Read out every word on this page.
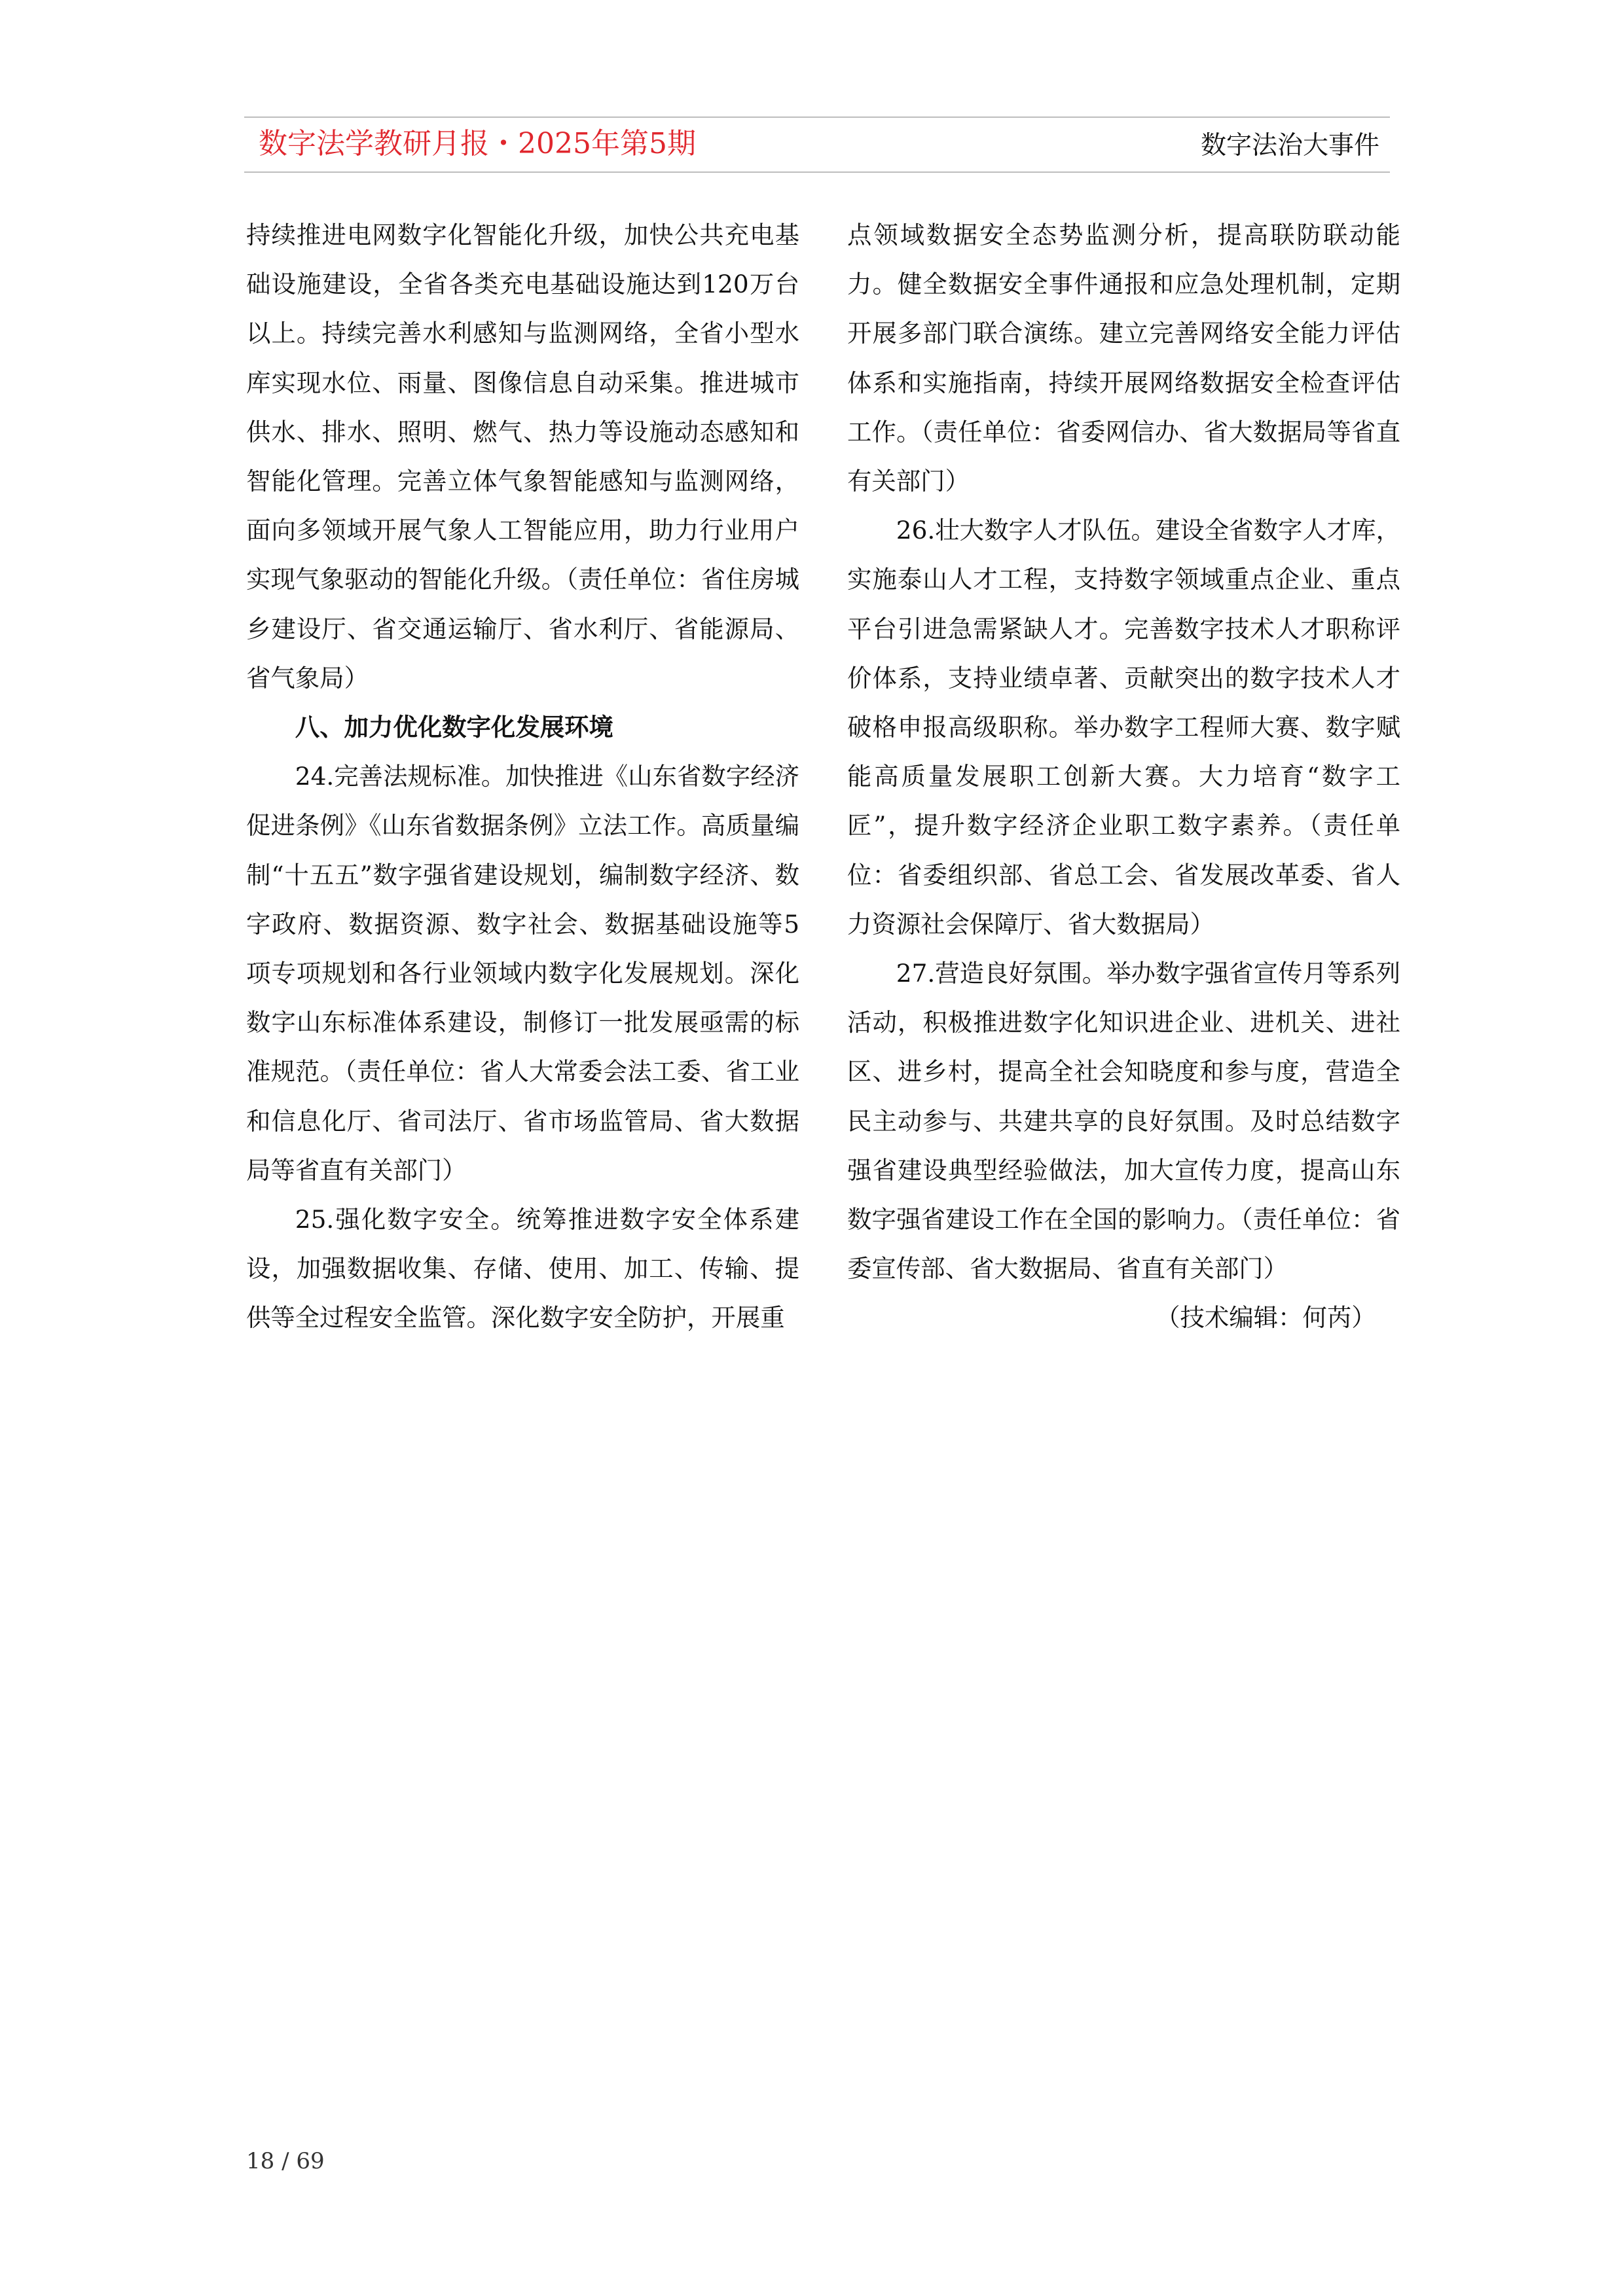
数字法学教研月报・2025年第5期	数字法治大事件

持续推进电网数字化智能化升级，加快公共充电基础设施建设，全省各类充电基础设施达到120万台以上。持续完善水利感知与监测网络，全省小型水库实现水位、雨量、图像信息自动采集。推进城市供水、排水、照明、燃气、热力等设施动态感知和智能化管理。完善立体气象智能感知与监测网络，面向多领域开展气象人工智能应用，助力行业用户实现气象驱动的智能化升级。（责任单位：省住房城乡建设厅、省交通运输厅、省水利厅、省能源局、省气象局）

八、加力优化数字化发展环境

24.完善法规标准。加快推进《山东省数字经济促进条例》《山东省数据条例》立法工作。高质量编制“十五五”数字强省建设规划，编制数字经济、数字政府、数据资源、数字社会、数据基础设施等5项专项规划和各行业领域内数字化发展规划。深化数字山东标准体系建设，制修订一批发展亟需的标准规范。（责任单位：省人大常委会法工委、省工业和信息化厅、省司法厅、省市场监管局、省大数据局等省直有关部门）

25.强化数字安全。统筹推进数字安全体系建设，加强数据收集、存储、使用、加工、传输、提供等全过程安全监管。深化数字安全防护，开展重

点领域数据安全态势监测分析，提高联防联动能力。健全数据安全事件通报和应急处理机制，定期开展多部门联合演练。建立完善网络安全能力评估体系和实施指南，持续开展网络数据安全检查评估工作。（责任单位：省委网信办、省大数据局等省直有关部门）

26.壮大数字人才队伍。建设全省数字人才库，实施泰山人才工程，支持数字领域重点企业、重点平台引进急需紧缺人才。完善数字技术人才职称评价体系，支持业绩卓著、贡献突出的数字技术人才破格申报高级职称。举办数字工程师大赛、数字赋能高质量发展职工创新大赛。大力培育“数字工匠”，提升数字经济企业职工数字素养。（责任单位：省委组织部、省总工会、省发展改革委、省人力资源社会保障厅、省大数据局）

27.营造良好氛围。举办数字强省宣传月等系列活动，积极推进数字化知识进企业、进机关、进社区、进乡村，提高全社会知晓度和参与度，营造全民主动参与、共建共享的良好氛围。及时总结数字强省建设典型经验做法，加大宣传力度，提高山东数字强省建设工作在全国的影响力。（责任单位：省委宣传部、省大数据局、省直有关部门）

（技术编辑：何芮）

18 / 69
